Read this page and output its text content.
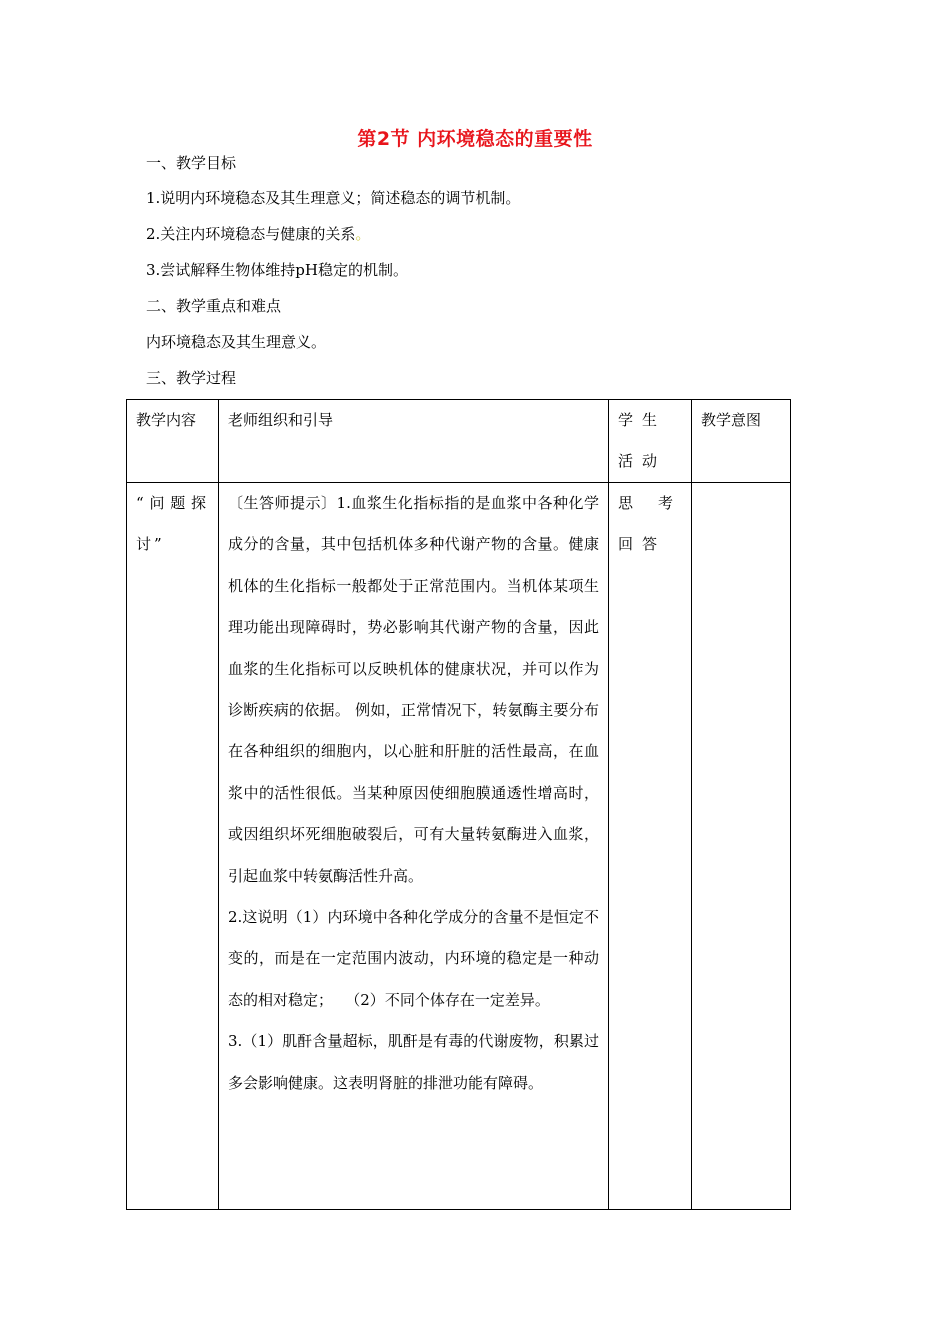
第2节 内环境稳态的重要性
一、教学目标
1.说明内环境稳态及其生理意义；简述稳态的调节机制。
2.关注内环境稳态与健康的关系。
3.尝试解释生物体维持pH稳定的机制。
二、教学重点和难点
内环境稳态及其生理意义。
三、教学过程
教学内容	老师组织和引导	学生活动	教学意图
“问题探讨”	〔生答师提示〕1.血浆生化指标指的是血浆中各种化学成分的含量，其中包括机体多种代谢产物的含量。健康机体的生化指标一般都处于正常范围内。当机体某项生理功能出现障碍时，势必影响其代谢产物的含量，因此血浆的生化指标可以反映机体的健康状况，并可以作为诊断疾病的依据。 例如，正常情况下，转氨酶主要分布在各种组织的细胞内，以心脏和肝脏的活性最高，在血浆中的活性很低。当某种原因使细胞膜通透性增高时，或因组织坏死细胞破裂后，可有大量转氨酶进入血浆，引起血浆中转氨酶活性升高。

2.这说明（1）内环境中各种化学成分的含量不是恒定不变的，而是在一定范围内波动，内环境的稳定是一种动态的相对稳定；　 （2）不同个体存在一定差异。

3.（1）肌酐含量超标，肌酐是有毒的代谢废物，积累过多会影响健康。这表明肾脏的排泄功能有障碍。	思考回答	
